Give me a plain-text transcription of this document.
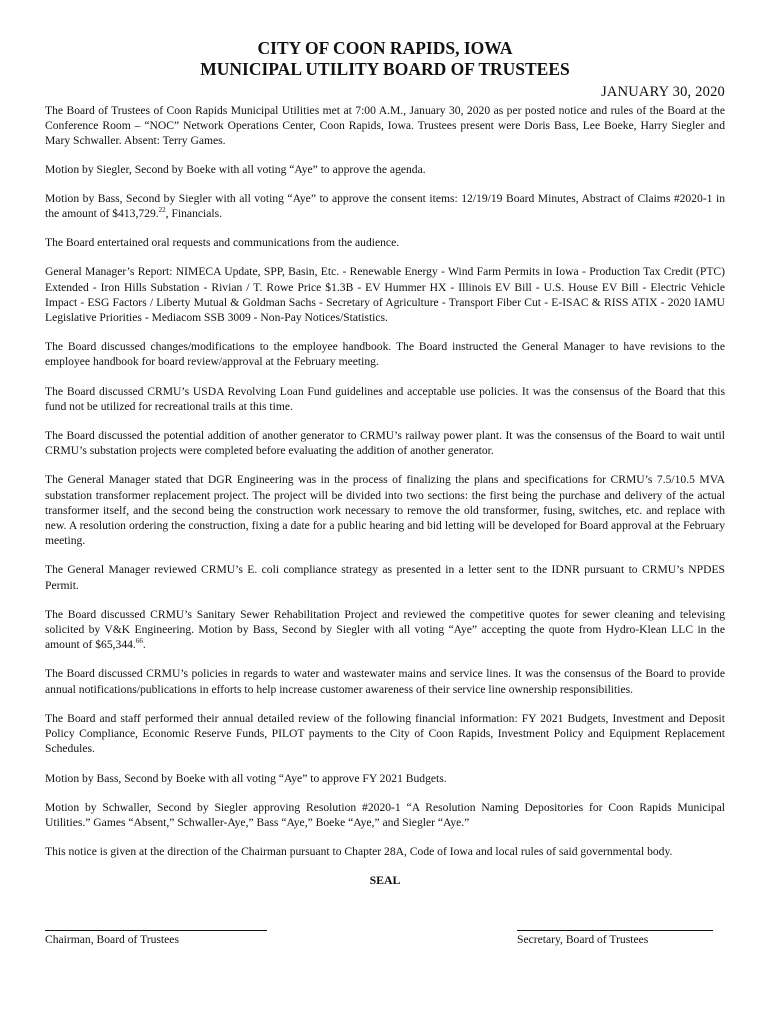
CITY OF COON RAPIDS, IOWA
MUNICIPAL UTILITY BOARD OF TRUSTEES
JANUARY 30, 2020

The Board of Trustees of Coon Rapids Municipal Utilities met at 7:00 A.M., January 30, 2020 as per posted notice and rules of the Board at the Conference Room – “NOC” Network Operations Center, Coon Rapids, Iowa. Trustees present were Doris Bass, Lee Boeke, Harry Siegler and Mary Schwaller. Absent: Terry Games.

Motion by Siegler, Second by Boeke with all voting “Aye” to approve the agenda.

Motion by Bass, Second by Siegler with all voting “Aye” to approve the consent items: 12/19/19 Board Minutes, Abstract of Claims #2020-1 in the amount of $413,729.22, Financials.

The Board entertained oral requests and communications from the audience.

General Manager’s Report: NIMECA Update, SPP, Basin, Etc. - Renewable Energy - Wind Farm Permits in Iowa - Production Tax Credit (PTC) Extended - Iron Hills Substation - Rivian / T. Rowe Price $1.3B - EV Hummer HX - Illinois EV Bill - U.S. House EV Bill - Electric Vehicle Impact - ESG Factors / Liberty Mutual & Goldman Sachs - Secretary of Agriculture - Transport Fiber Cut - E-ISAC & RISS ATIX - 2020 IAMU Legislative Priorities - Mediacom SSB 3009 - Non-Pay Notices/Statistics.

The Board discussed changes/modifications to the employee handbook. The Board instructed the General Manager to have revisions to the employee handbook for board review/approval at the February meeting.

The Board discussed CRMU’s USDA Revolving Loan Fund guidelines and acceptable use policies. It was the consensus of the Board that this fund not be utilized for recreational trails at this time.

The Board discussed the potential addition of another generator to CRMU’s railway power plant. It was the consensus of the Board to wait until CRMU’s substation projects were completed before evaluating the addition of another generator.

The General Manager stated that DGR Engineering was in the process of finalizing the plans and specifications for CRMU’s 7.5/10.5 MVA substation transformer replacement project. The project will be divided into two sections: the first being the purchase and delivery of the actual transformer itself, and the second being the construction work necessary to remove the old transformer, fusing, switches, etc. and replace with new. A resolution ordering the construction, fixing a date for a public hearing and bid letting will be developed for Board approval at the February meeting.

The General Manager reviewed CRMU’s E. coli compliance strategy as presented in a letter sent to the IDNR pursuant to CRMU’s NPDES Permit.

The Board discussed CRMU’s Sanitary Sewer Rehabilitation Project and reviewed the competitive quotes for sewer cleaning and televising solicited by V&K Engineering. Motion by Bass, Second by Siegler with all voting “Aye” accepting the quote from Hydro-Klean LLC in the amount of $65,344.66.

The Board discussed CRMU’s policies in regards to water and wastewater mains and service lines. It was the consensus of the Board to provide annual notifications/publications in efforts to help increase customer awareness of their service line ownership responsibilities.

The Board and staff performed their annual detailed review of the following financial information: FY 2021 Budgets, Investment and Deposit Policy Compliance, Economic Reserve Funds, PILOT payments to the City of Coon Rapids, Investment Policy and Equipment Replacement Schedules.

Motion by Bass, Second by Boeke with all voting “Aye” to approve FY 2021 Budgets.

Motion by Schwaller, Second by Siegler approving Resolution #2020-1 “A Resolution Naming Depositories for Coon Rapids Municipal Utilities.” Games “Absent,” Schwaller-Aye,” Bass “Aye,” Boeke “Aye,” and Siegler “Aye.”

This notice is given at the direction of the Chairman pursuant to Chapter 28A, Code of Iowa and local rules of said governmental body.

SEAL
Chairman, Board of Trustees	Secretary, Board of Trustees
